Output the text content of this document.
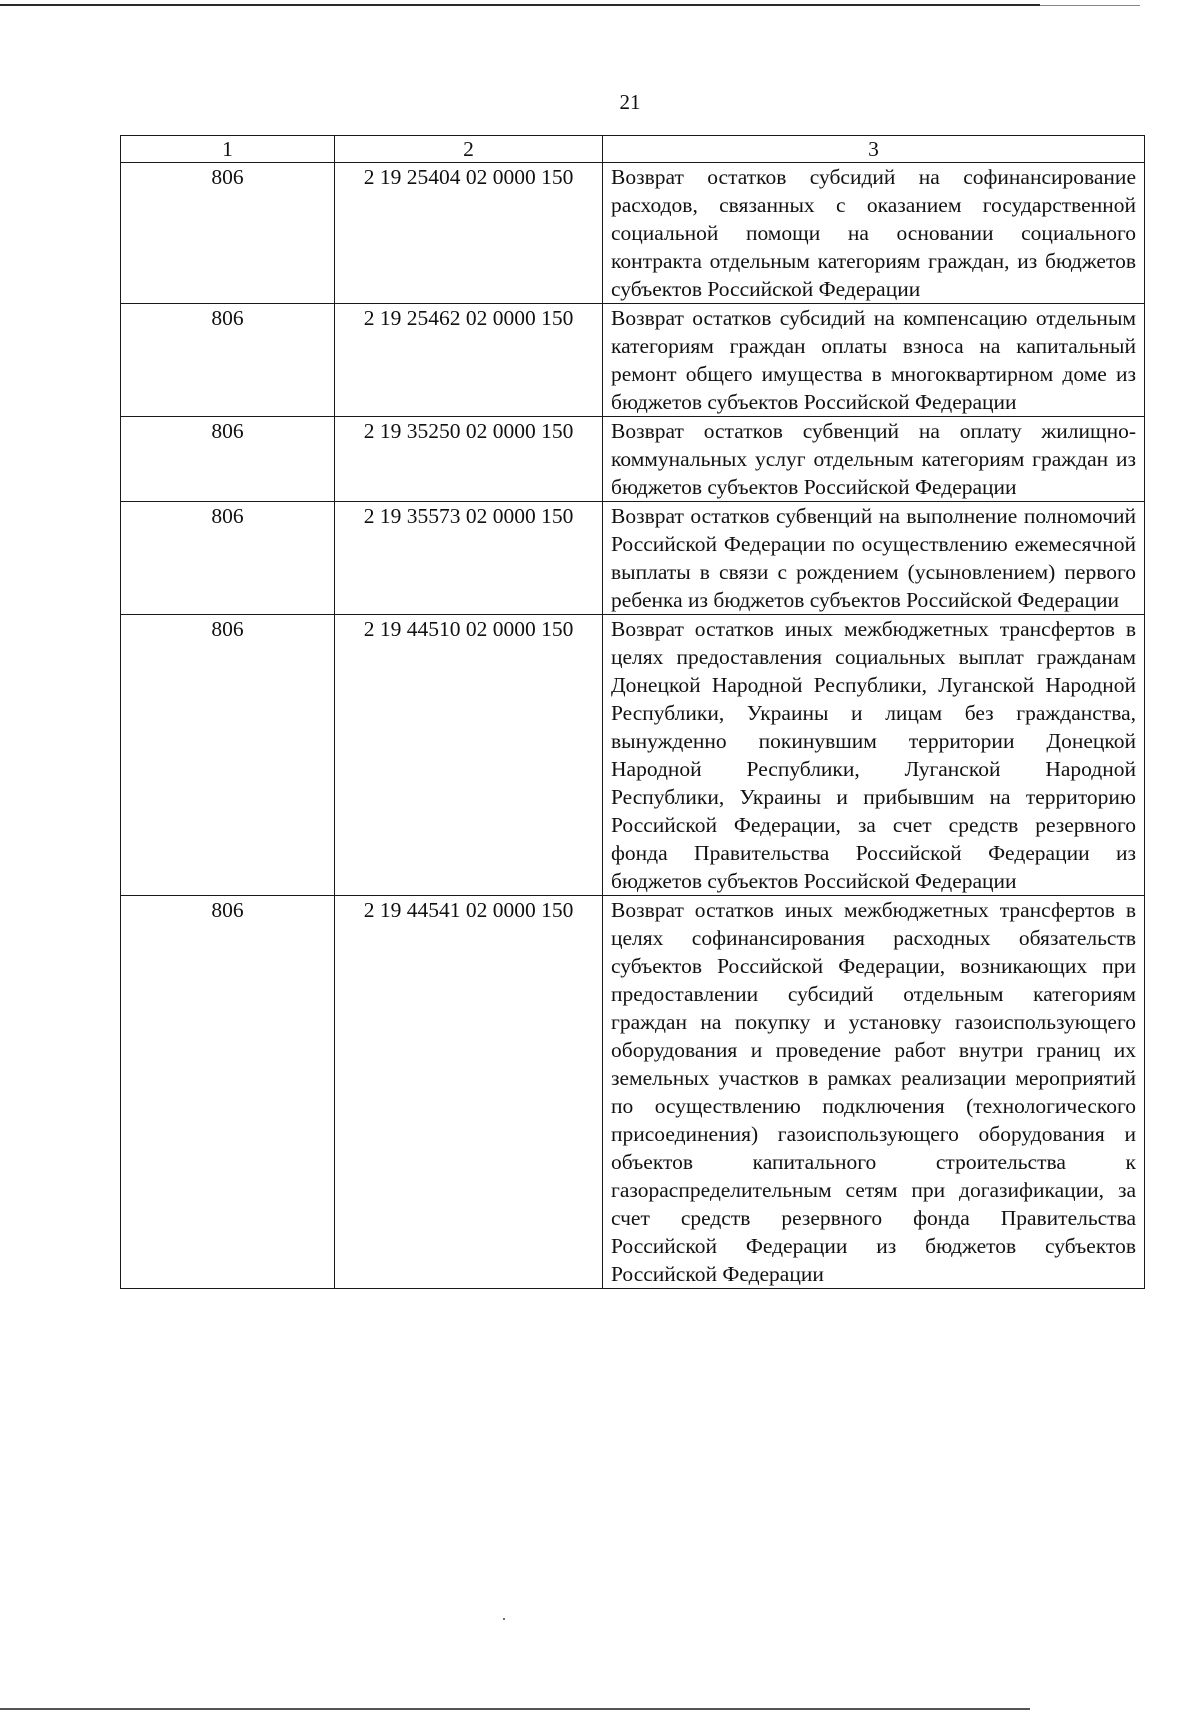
21
1	2	3
806	2 19 25404 02 0000 150	Возврат остатков субсидий на софинансирование расходов, связанных с оказанием государственной социальной помощи на основании социального контракта отдельным категориям граждан, из бюджетов субъектов Российской Федерации
806	2 19 25462 02 0000 150	Возврат остатков субсидий на компенсацию отдельным категориям граждан оплаты взноса на капитальный ремонт общего имущества в многоквартирном доме из бюджетов субъектов Российской Федерации
806	2 19 35250 02 0000 150	Возврат остатков субвенций на оплату жилищно-коммунальных услуг отдельным категориям граждан из бюджетов субъектов Российской Федерации
806	2 19 35573 02 0000 150	Возврат остатков субвенций на выполнение полномочий Российской Федерации по осуществлению ежемесячной выплаты в связи с рождением (усыновлением) первого ребенка из бюджетов субъектов Российской Федерации
806	2 19 44510 02 0000 150	Возврат остатков иных межбюджетных трансфертов в целях предоставления социальных выплат гражданам Донецкой Народной Республики, Луганской Народной Республики, Украины и лицам без гражданства, вынужденно покинувшим территории Донецкой Народной Республики, Луганской Народной Республики, Украины и прибывшим на территорию Российской Федерации, за счет средств резервного фонда Правительства Российской Федерации из бюджетов субъектов Российской Федерации
806	2 19 44541 02 0000 150	Возврат остатков иных межбюджетных трансфертов в целях софинансирования расходных обязательств субъектов Российской Федерации, возникающих при предоставлении субсидий отдельным категориям граждан на покупку и установку газоиспользующего оборудования и проведение работ внутри границ их земельных участков в рамках реализации мероприятий по осуществлению подключения (технологического присоединения) газоиспользующего оборудования и объектов капитального строительства к газораспределительным сетям при догазификации, за счет средств резервного фонда Правительства Российской Федерации из бюджетов субъектов Российской Федерации
